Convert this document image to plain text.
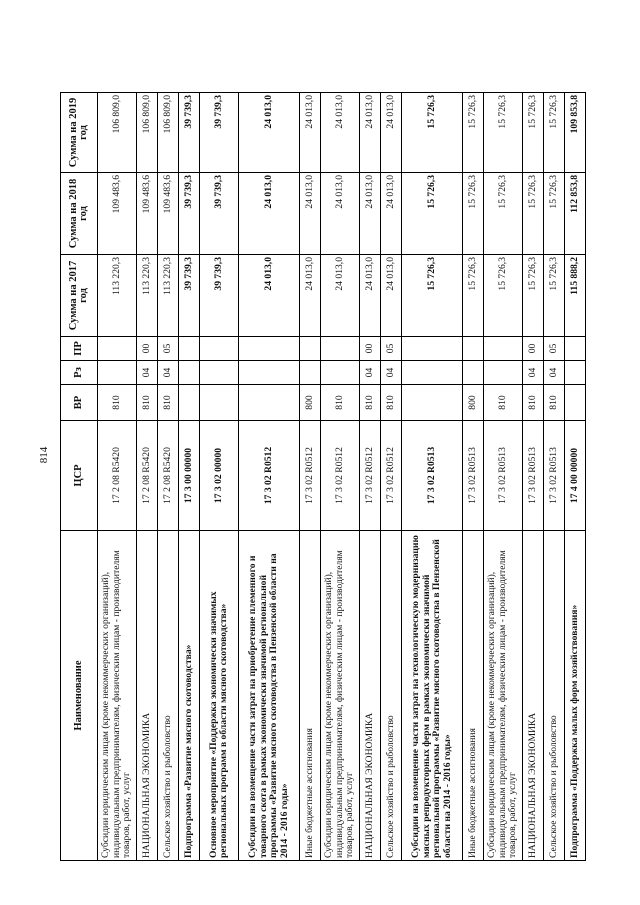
814
Наименование	ЦСР	ВР	Рз	ПР	Сумма на 2017 год	Сумма на 2018 год	Сумма на 2019 год
Субсидии юридическим лицам (кроме некоммерческих организаций), индивидуальным предпринимателям, физическим лицам - производителям товаров, работ, услуг	17 2 08 R5420	810			113 220,3	109 483,6	106 809,0
НАЦИОНАЛЬНАЯ ЭКОНОМИКА	17 2 08 R5420	810	04	00	113 220,3	109 483,6	106 809,0
Сельское хозяйство и рыболовство	17 2 08 R5420	810	04	05	113 220,3	109 483,6	106 809,0
Подпрограмма «Развитие мясного скотоводства»	17 3 00 00000				39 739,3	39 739,3	39 739,3
Основное мероприятие «Поддержка экономически значимых региональных программ в области мясного скотоводства»	17 3 02 00000				39 739,3	39 739,3	39 739,3
Субсидии на возмещение части затрат на приобретение племенного и товарного скота в рамках экономически значимой региональной программы «Развитие мясного скотоводства в Пензенской области на 2014 - 2016 годы»	17 3 02 R0512				24 013,0	24 013,0	24 013,0
Иные бюджетные ассигнования	17 3 02 R0512	800			24 013,0	24 013,0	24 013,0
Субсидии юридическим лицам (кроме некоммерческих организаций), индивидуальным предпринимателям, физическим лицам - производителям товаров, работ, услуг	17 3 02 R0512	810			24 013,0	24 013,0	24 013,0
НАЦИОНАЛЬНАЯ ЭКОНОМИКА	17 3 02 R0512	810	04	00	24 013,0	24 013,0	24 013,0
Сельское хозяйство и рыболовство	17 3 02 R0512	810	04	05	24 013,0	24 013,0	24 013,0
Субсидии на возмещение части затрат на технологическую модернизацию мясных репродукторных ферм в рамках экономически значимой региональной программы «Развитие мясного скотоводства в Пензенской области на 2014 - 2016 годы»	17 3 02 R0513				15 726,3	15 726,3	15 726,3
Иные бюджетные ассигнования	17 3 02 R0513	800			15 726,3	15 726,3	15 726,3
Субсидии юридическим лицам (кроме некоммерческих организаций), индивидуальным предпринимателям, физическим лицам - производителям товаров, работ, услуг	17 3 02 R0513	810			15 726,3	15 726,3	15 726,3
НАЦИОНАЛЬНАЯ ЭКОНОМИКА	17 3 02 R0513	810	04	00	15 726,3	15 726,3	15 726,3
Сельское хозяйство и рыболовство	17 3 02 R0513	810	04	05	15 726,3	15 726,3	15 726,3
Подпрограмма «Поддержка малых форм хозяйствования»	17 4 00 00000				115 888,2	112 853,8	109 853,8
